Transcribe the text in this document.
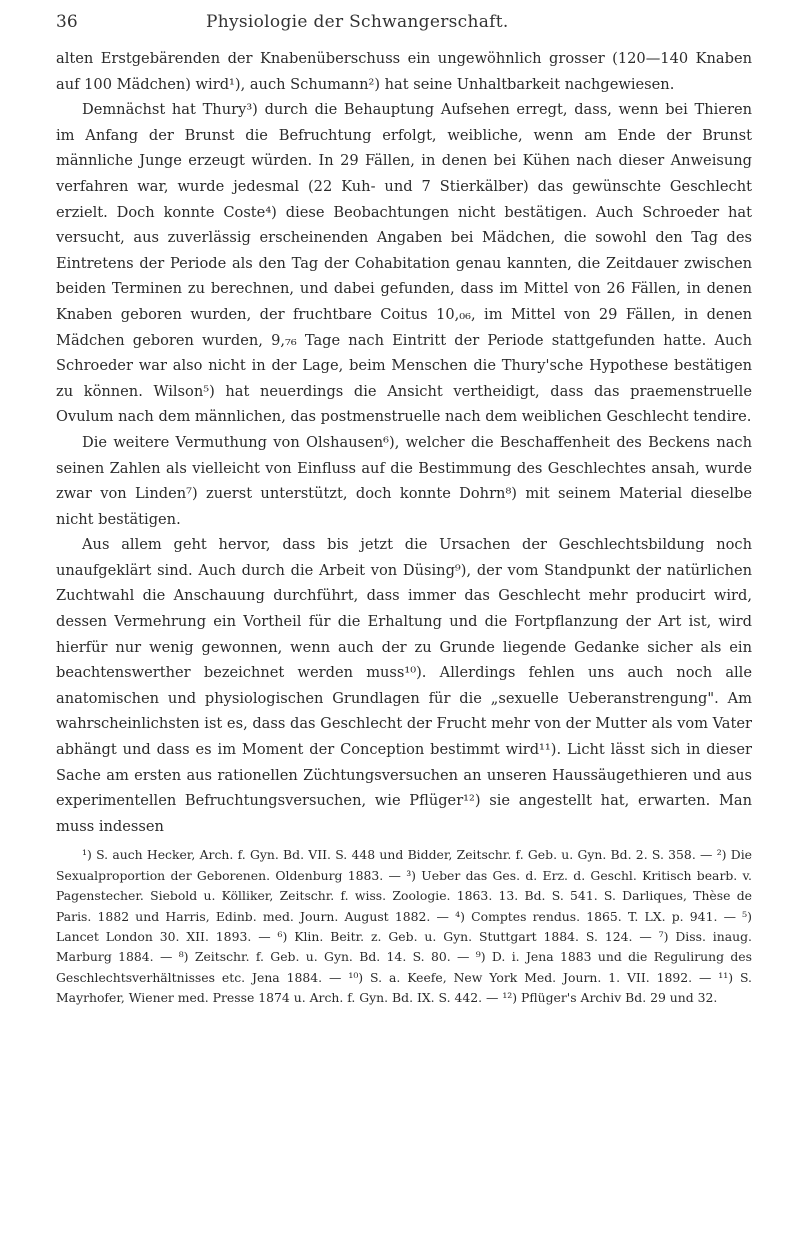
36	Physiologie der Schwangerschaft.

alten Erstgebärenden der Knabenüberschuss ein ungewöhnlich grosser (120—140 Knaben auf 100 Mädchen) wird¹), auch Schumann²) hat seine Unhaltbarkeit nachgewiesen.

Demnächst hat Thury³) durch die Behauptung Aufsehen erregt, dass, wenn bei Thieren im Anfang der Brunst die Befruchtung erfolgt, weibliche, wenn am Ende der Brunst männliche Junge erzeugt würden. In 29 Fällen, in denen bei Kühen nach dieser Anweisung verfahren war, wurde jedesmal (22 Kuh- und 7 Stierkälber) das gewünschte Geschlecht erzielt. Doch konnte Coste⁴) diese Beobachtungen nicht bestätigen. Auch Schroeder hat versucht, aus zuverlässig erscheinenden Angaben bei Mädchen, die sowohl den Tag des Eintretens der Periode als den Tag der Cohabitation genau kannten, die Zeitdauer zwischen beiden Terminen zu berechnen, und dabei gefunden, dass im Mittel von 26 Fällen, in denen Knaben geboren wurden, der fruchtbare Coitus 10,₀₆, im Mittel von 29 Fällen, in denen Mädchen geboren wurden, 9,₇₆ Tage nach Eintritt der Periode stattgefunden hatte. Auch Schroeder war also nicht in der Lage, beim Menschen die Thury'sche Hypothese bestätigen zu können. Wilson⁵) hat neuerdings die Ansicht vertheidigt, dass das praemenstruelle Ovulum nach dem männlichen, das postmenstruelle nach dem weiblichen Geschlecht tendire.

Die weitere Vermuthung von Olshausen⁶), welcher die Beschaffenheit des Beckens nach seinen Zahlen als vielleicht von Einfluss auf die Bestimmung des Geschlechtes ansah, wurde zwar von Linden⁷) zuerst unterstützt, doch konnte Dohrn⁸) mit seinem Material dieselbe nicht bestätigen.

Aus allem geht hervor, dass bis jetzt die Ursachen der Geschlechtsbildung noch unaufgeklärt sind. Auch durch die Arbeit von Düsing⁹), der vom Standpunkt der natürlichen Zuchtwahl die Anschauung durchführt, dass immer das Geschlecht mehr producirt wird, dessen Vermehrung ein Vortheil für die Erhaltung und die Fortpflanzung der Art ist, wird hierfür nur wenig gewonnen, wenn auch der zu Grunde liegende Gedanke sicher als ein beachtenswerther bezeichnet werden muss¹⁰). Allerdings fehlen uns auch noch alle anatomischen und physiologischen Grundlagen für die „sexuelle Ueberanstrengung". Am wahrscheinlichsten ist es, dass das Geschlecht der Frucht mehr von der Mutter als vom Vater abhängt und dass es im Moment der Conception bestimmt wird¹¹). Licht lässt sich in dieser Sache am ersten aus rationellen Züchtungsversuchen an unseren Haussäugethieren und aus experimentellen Befruchtungsversuchen, wie Pflüger¹²) sie angestellt hat, erwarten. Man muss indessen

¹) S. auch Hecker, Arch. f. Gyn. Bd. VII. S. 448 und Bidder, Zeitschr. f. Geb. u. Gyn. Bd. 2. S. 358. — ²) Die Sexualproportion der Geborenen. Oldenburg 1883. — ³) Ueber das Ges. d. Erz. d. Geschl. Kritisch bearb. v. Pagenstecher. Siebold u. Kölliker, Zeitschr. f. wiss. Zoologie. 1863. 13. Bd. S. 541. S. Darliques, Thèse de Paris. 1882 und Harris, Edinb. med. Journ. August 1882. — ⁴) Comptes rendus. 1865. T. LX. p. 941. — ⁵) Lancet London 30. XII. 1893. — ⁶) Klin. Beitr. z. Geb. u. Gyn. Stuttgart 1884. S. 124. — ⁷) Diss. inaug. Marburg 1884. — ⁸) Zeitschr. f. Geb. u. Gyn. Bd. 14. S. 80. — ⁹) D. i. Jena 1883 und die Regulirung des Geschlechtsverhältnisses etc. Jena 1884. — ¹⁰) S. a. Keefe, New York Med. Journ. 1. VII. 1892. — ¹¹) S. Mayrhofer, Wiener med. Presse 1874 u. Arch. f. Gyn. Bd. IX. S. 442. — ¹²) Pflüger's Archiv Bd. 29 und 32.
